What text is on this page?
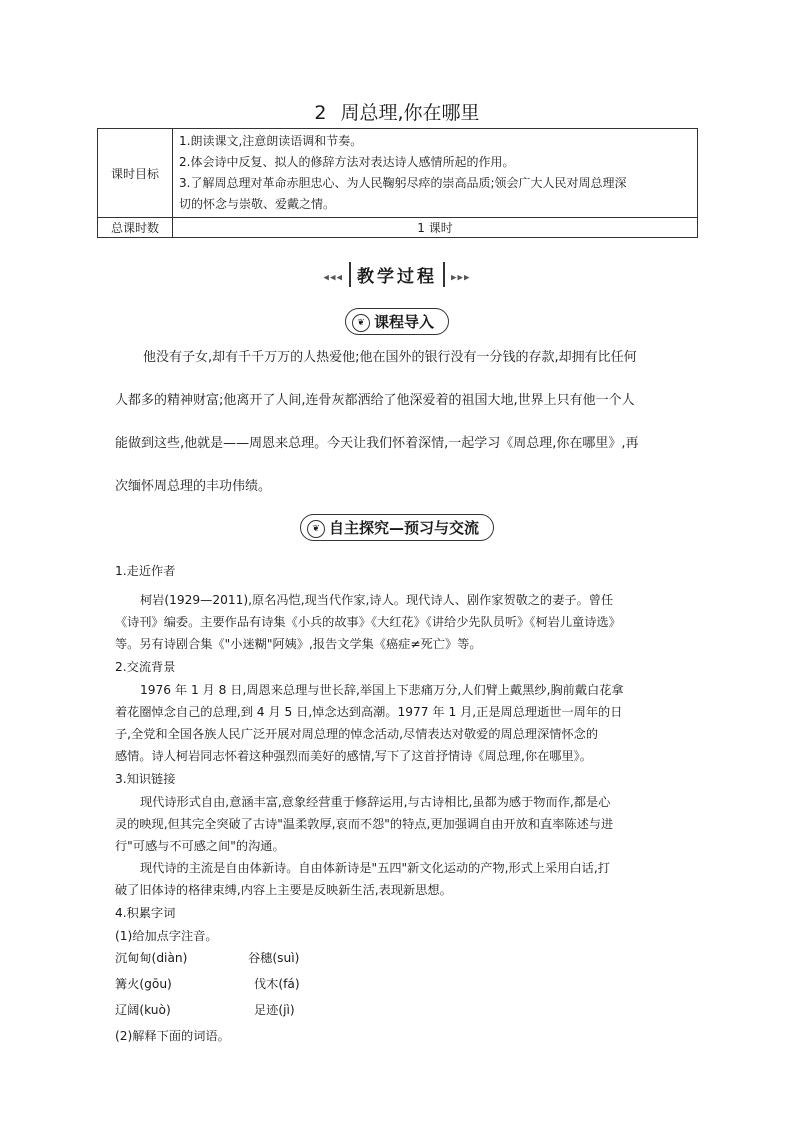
2 周总理,你在哪里
课时目标	1.朗读课文,注意朗读语调和节奏。
2.体会诗中反复、拟人的修辞方法对表达诗人感情所起的作用。
3.了解周总理对革命赤胆忠心、为人民鞠躬尽瘁的崇高品质;领会广大人民对周总理深
切的怀念与崇敬、爱戴之情。

总课时数	1 课时
◂◂◂ 教学过程 ▸▸▸
❦ 课程导入

他没有子女,却有千千万万的人热爱他;他在国外的银行没有一分钱的存款,却拥有比任何

人都多的精神财富;他离开了人间,连骨灰都洒给了他深爱着的祖国大地,世界上只有他一个人

能做到这些,他就是——周恩来总理。今天让我们怀着深情,一起学习《周总理,你在哪里》,再

次缅怀周总理的丰功伟绩。

❦ 自主探究—预习与交流

1.走近作者

柯岩(1929—2011),原名冯恺,现当代作家,诗人。现代诗人、剧作家贺敬之的妻子。曾任

《诗刊》编委。主要作品有诗集《小兵的故事》《大红花》《讲给少先队员听》《柯岩儿童诗选》

等。另有诗剧合集《"小迷糊"阿姨》,报告文学集《癌症≠死亡》等。

2.交流背景

1976 年 1 月 8 日,周恩来总理与世长辞,举国上下悲痛万分,人们臂上戴黑纱,胸前戴白花拿

着花圈悼念自己的总理,到 4 月 5 日,悼念达到高潮。1977 年 1 月,正是周总理逝世一周年的日

子,全党和全国各族人民广泛开展对周总理的悼念活动,尽情表达对敬爱的周总理深情怀念的

感情。诗人柯岩同志怀着这种强烈而美好的感情,写下了这首抒情诗《周总理,你在哪里》。

3.知识链接

现代诗形式自由,意涵丰富,意象经营重于修辞运用,与古诗相比,虽都为感于物而作,都是心

灵的映现,但其完全突破了古诗"温柔敦厚,哀而不怨"的特点,更加强调自由开放和直率陈述与进

行"可感与不可感之间"的沟通。

现代诗的主流是自由体新诗。自由体新诗是"五四"新文化运动的产物,形式上采用白话,打

破了旧体诗的格律束缚,内容上主要是反映新生活,表现新思想。

4.积累字词

(1)给加点字注音。

沉甸甸(diàn)	谷穗(suì)
篝火(gōu)	伐木(fá)
辽阔(kuò)	足迹(jì)

(2)解释下面的词语。
